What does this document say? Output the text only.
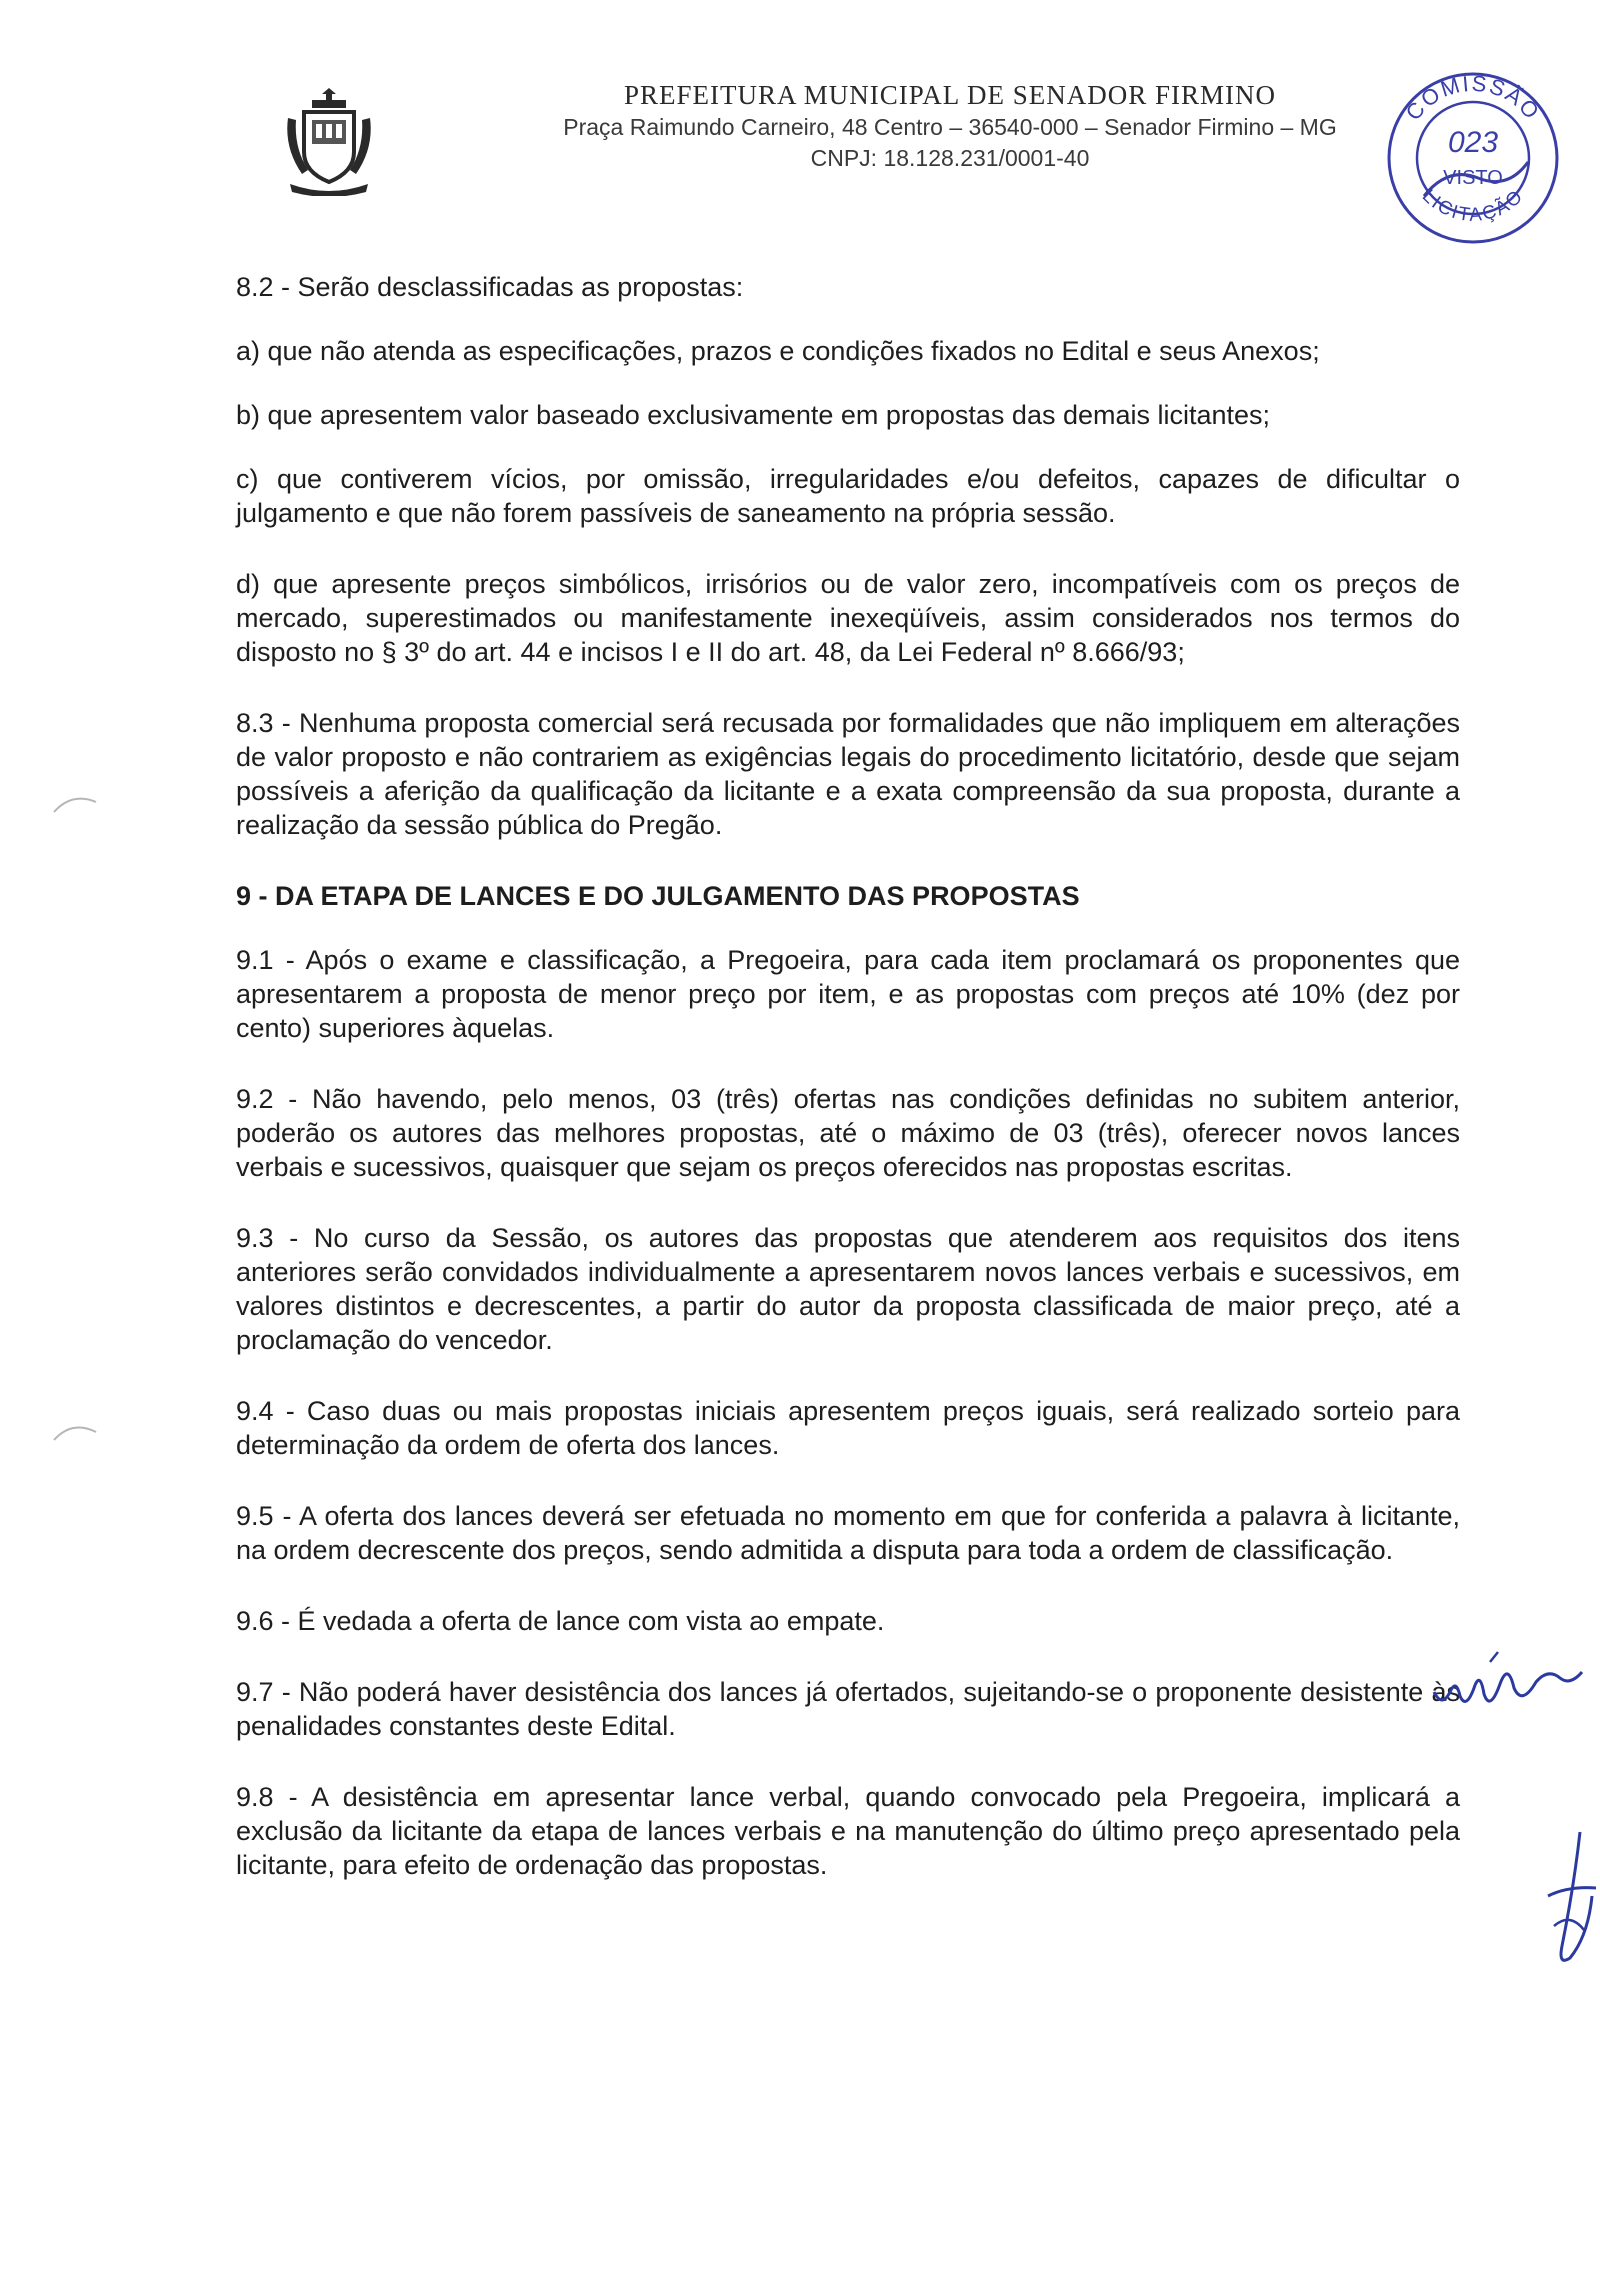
PREFEITURA MUNICIPAL DE SENADOR FIRMINO
Praça Raimundo Carneiro, 48 Centro – 36540-000 – Senador Firmino – MG
CNPJ: 18.128.231/0001-40
COMISSÃO
LICITAÇÃO
023
VISTO

8.2 - Serão desclassificadas as propostas:

a) que não atenda as especificações, prazos e condições fixados no Edital e seus Anexos;

b) que apresentem valor baseado exclusivamente em propostas das demais licitantes;

c) que contiverem vícios, por omissão, irregularidades e/ou defeitos, capazes de dificultar o julgamento e que não forem passíveis de saneamento na própria sessão.

d) que apresente preços simbólicos, irrisórios ou de valor zero, incompatíveis com os preços de mercado, superestimados ou manifestamente inexeqüíveis, assim considerados nos termos do disposto no § 3º do art. 44 e incisos I e II do art. 48, da Lei Federal nº 8.666/93;

8.3 - Nenhuma proposta comercial será recusada por formalidades que não impliquem em alterações de valor proposto e não contrariem as exigências legais do procedimento licitatório, desde que sejam possíveis a aferição da qualificação da licitante e a exata compreensão da sua proposta, durante a realização da sessão pública do Pregão.

9 - DA ETAPA DE LANCES E DO JULGAMENTO DAS PROPOSTAS

9.1 - Após o exame e classificação, a Pregoeira, para cada item proclamará os proponentes que apresentarem a proposta de menor preço por item, e as propostas com preços até 10% (dez por cento) superiores àquelas.

9.2 - Não havendo, pelo menos, 03 (três) ofertas nas condições definidas no subitem anterior, poderão os autores das melhores propostas, até o máximo de 03 (três), oferecer novos lances verbais e sucessivos, quaisquer que sejam os preços oferecidos nas propostas escritas.

9.3 - No curso da Sessão, os autores das propostas que atenderem aos requisitos dos itens anteriores serão convidados individualmente a apresentarem novos lances verbais e sucessivos, em valores distintos e decrescentes, a partir do autor da proposta classificada de maior preço, até a proclamação do vencedor.

9.4 - Caso duas ou mais propostas iniciais apresentem preços iguais, será realizado sorteio para determinação da ordem de oferta dos lances.

9.5 - A oferta dos lances deverá ser efetuada no momento em que for conferida a palavra à licitante, na ordem decrescente dos preços, sendo admitida a disputa para toda a ordem de classificação.

9.6 - É vedada a oferta de lance com vista ao empate.

9.7 - Não poderá haver desistência dos lances já ofertados, sujeitando-se o proponente desistente às penalidades constantes deste Edital.

9.8 - A desistência em apresentar lance verbal, quando convocado pela Pregoeira, implicará a exclusão da licitante da etapa de lances verbais e na manutenção do último preço apresentado pela licitante, para efeito de ordenação das propostas.
